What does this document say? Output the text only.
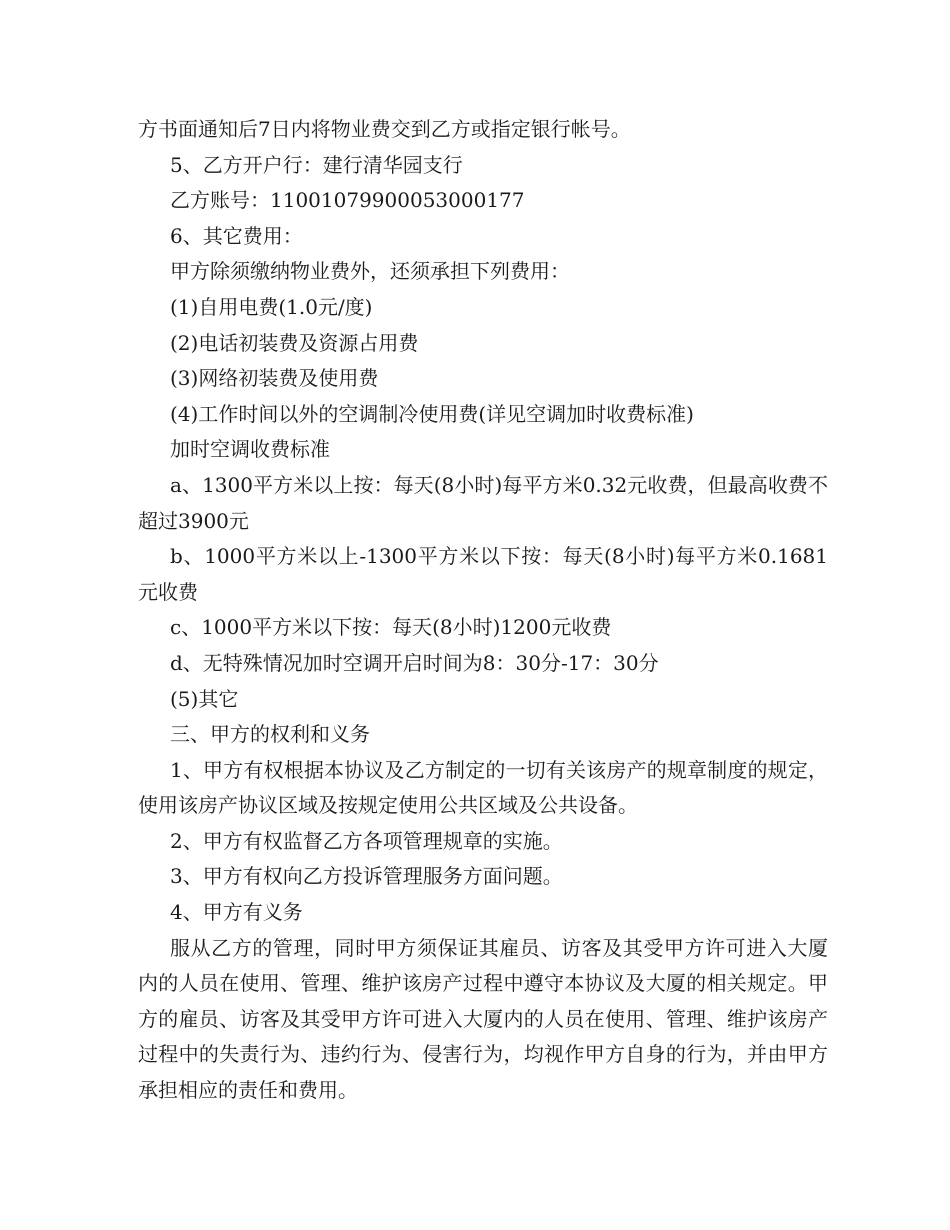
方书面通知后7日内将物业费交到乙方或指定银行帐号。

5、乙方开户行：建行清华园支行

乙方账号：11001079900053000177

6、其它费用：

甲方除须缴纳物业费外，还须承担下列费用：

(1)自用电费(1.0元/度)

(2)电话初装费及资源占用费

(3)网络初装费及使用费

(4)工作时间以外的空调制冷使用费(详见空调加时收费标准)

加时空调收费标准

a、1300平方米以上按：每天(8小时)每平方米0.32元收费，但最高收费不超过3900元

b、1000平方米以上-1300平方米以下按：每天(8小时)每平方米0.1681元收费

c、1000平方米以下按：每天(8小时)1200元收费

d、无特殊情况加时空调开启时间为8：30分-17：30分

(5)其它

三、甲方的权利和义务

1、甲方有权根据本协议及乙方制定的一切有关该房产的规章制度的规定，使用该房产协议区域及按规定使用公共区域及公共设备。

2、甲方有权监督乙方各项管理规章的实施。

3、甲方有权向乙方投诉管理服务方面问题。

4、甲方有义务

服从乙方的管理，同时甲方须保证其雇员、访客及其受甲方许可进入大厦内的人员在使用、管理、维护该房产过程中遵守本协议及大厦的相关规定。甲方的雇员、访客及其受甲方许可进入大厦内的人员在使用、管理、维护该房产过程中的失责行为、违约行为、侵害行为，均视作甲方自身的行为，并由甲方承担相应的责任和费用。
